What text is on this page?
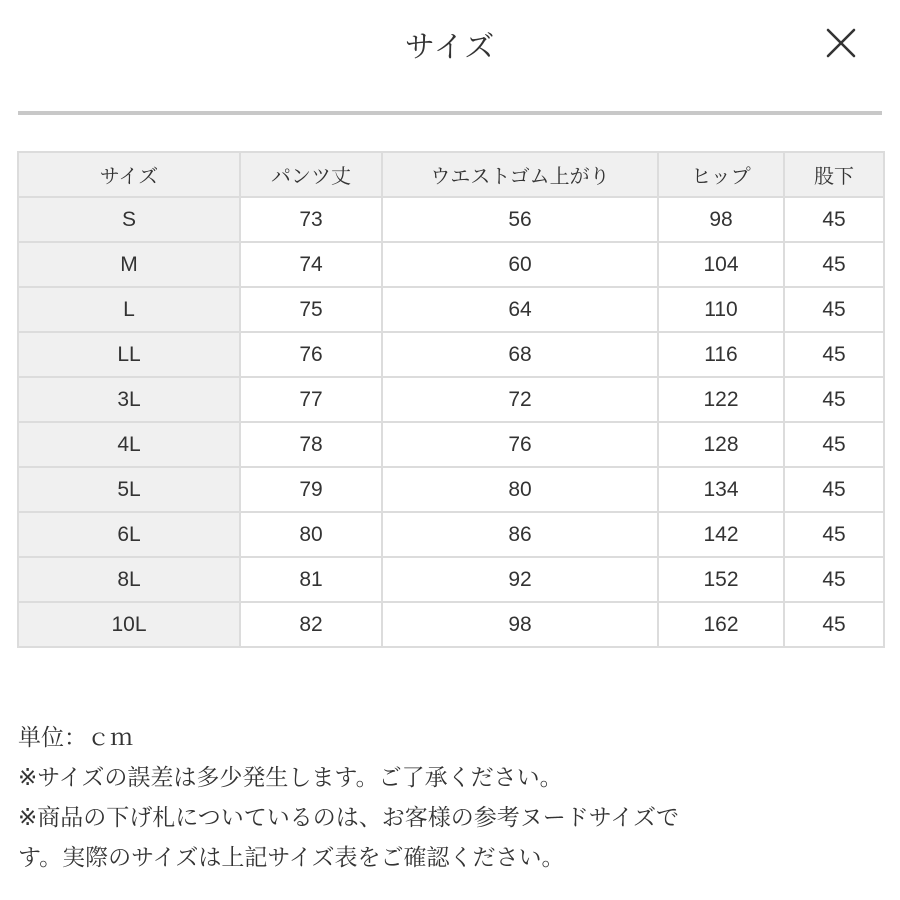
サイズ
サイズ	パンツ丈	ウエストゴム上がり	ヒップ	股下
S	73	56	98	45
M	74	60	104	45
L	75	64	110	45
LL	76	68	116	45
3L	77	72	122	45
4L	78	76	128	45
5L	79	80	134	45
6L	80	86	142	45
8L	81	92	152	45
10L	82	98	162	45

単位：ｃｍ

※サイズの誤差は多少発生します。ご了承ください。

※商品の下げ札についているのは、お客様の参考ヌードサイズで

す。実際のサイズは上記サイズ表をご確認ください。
